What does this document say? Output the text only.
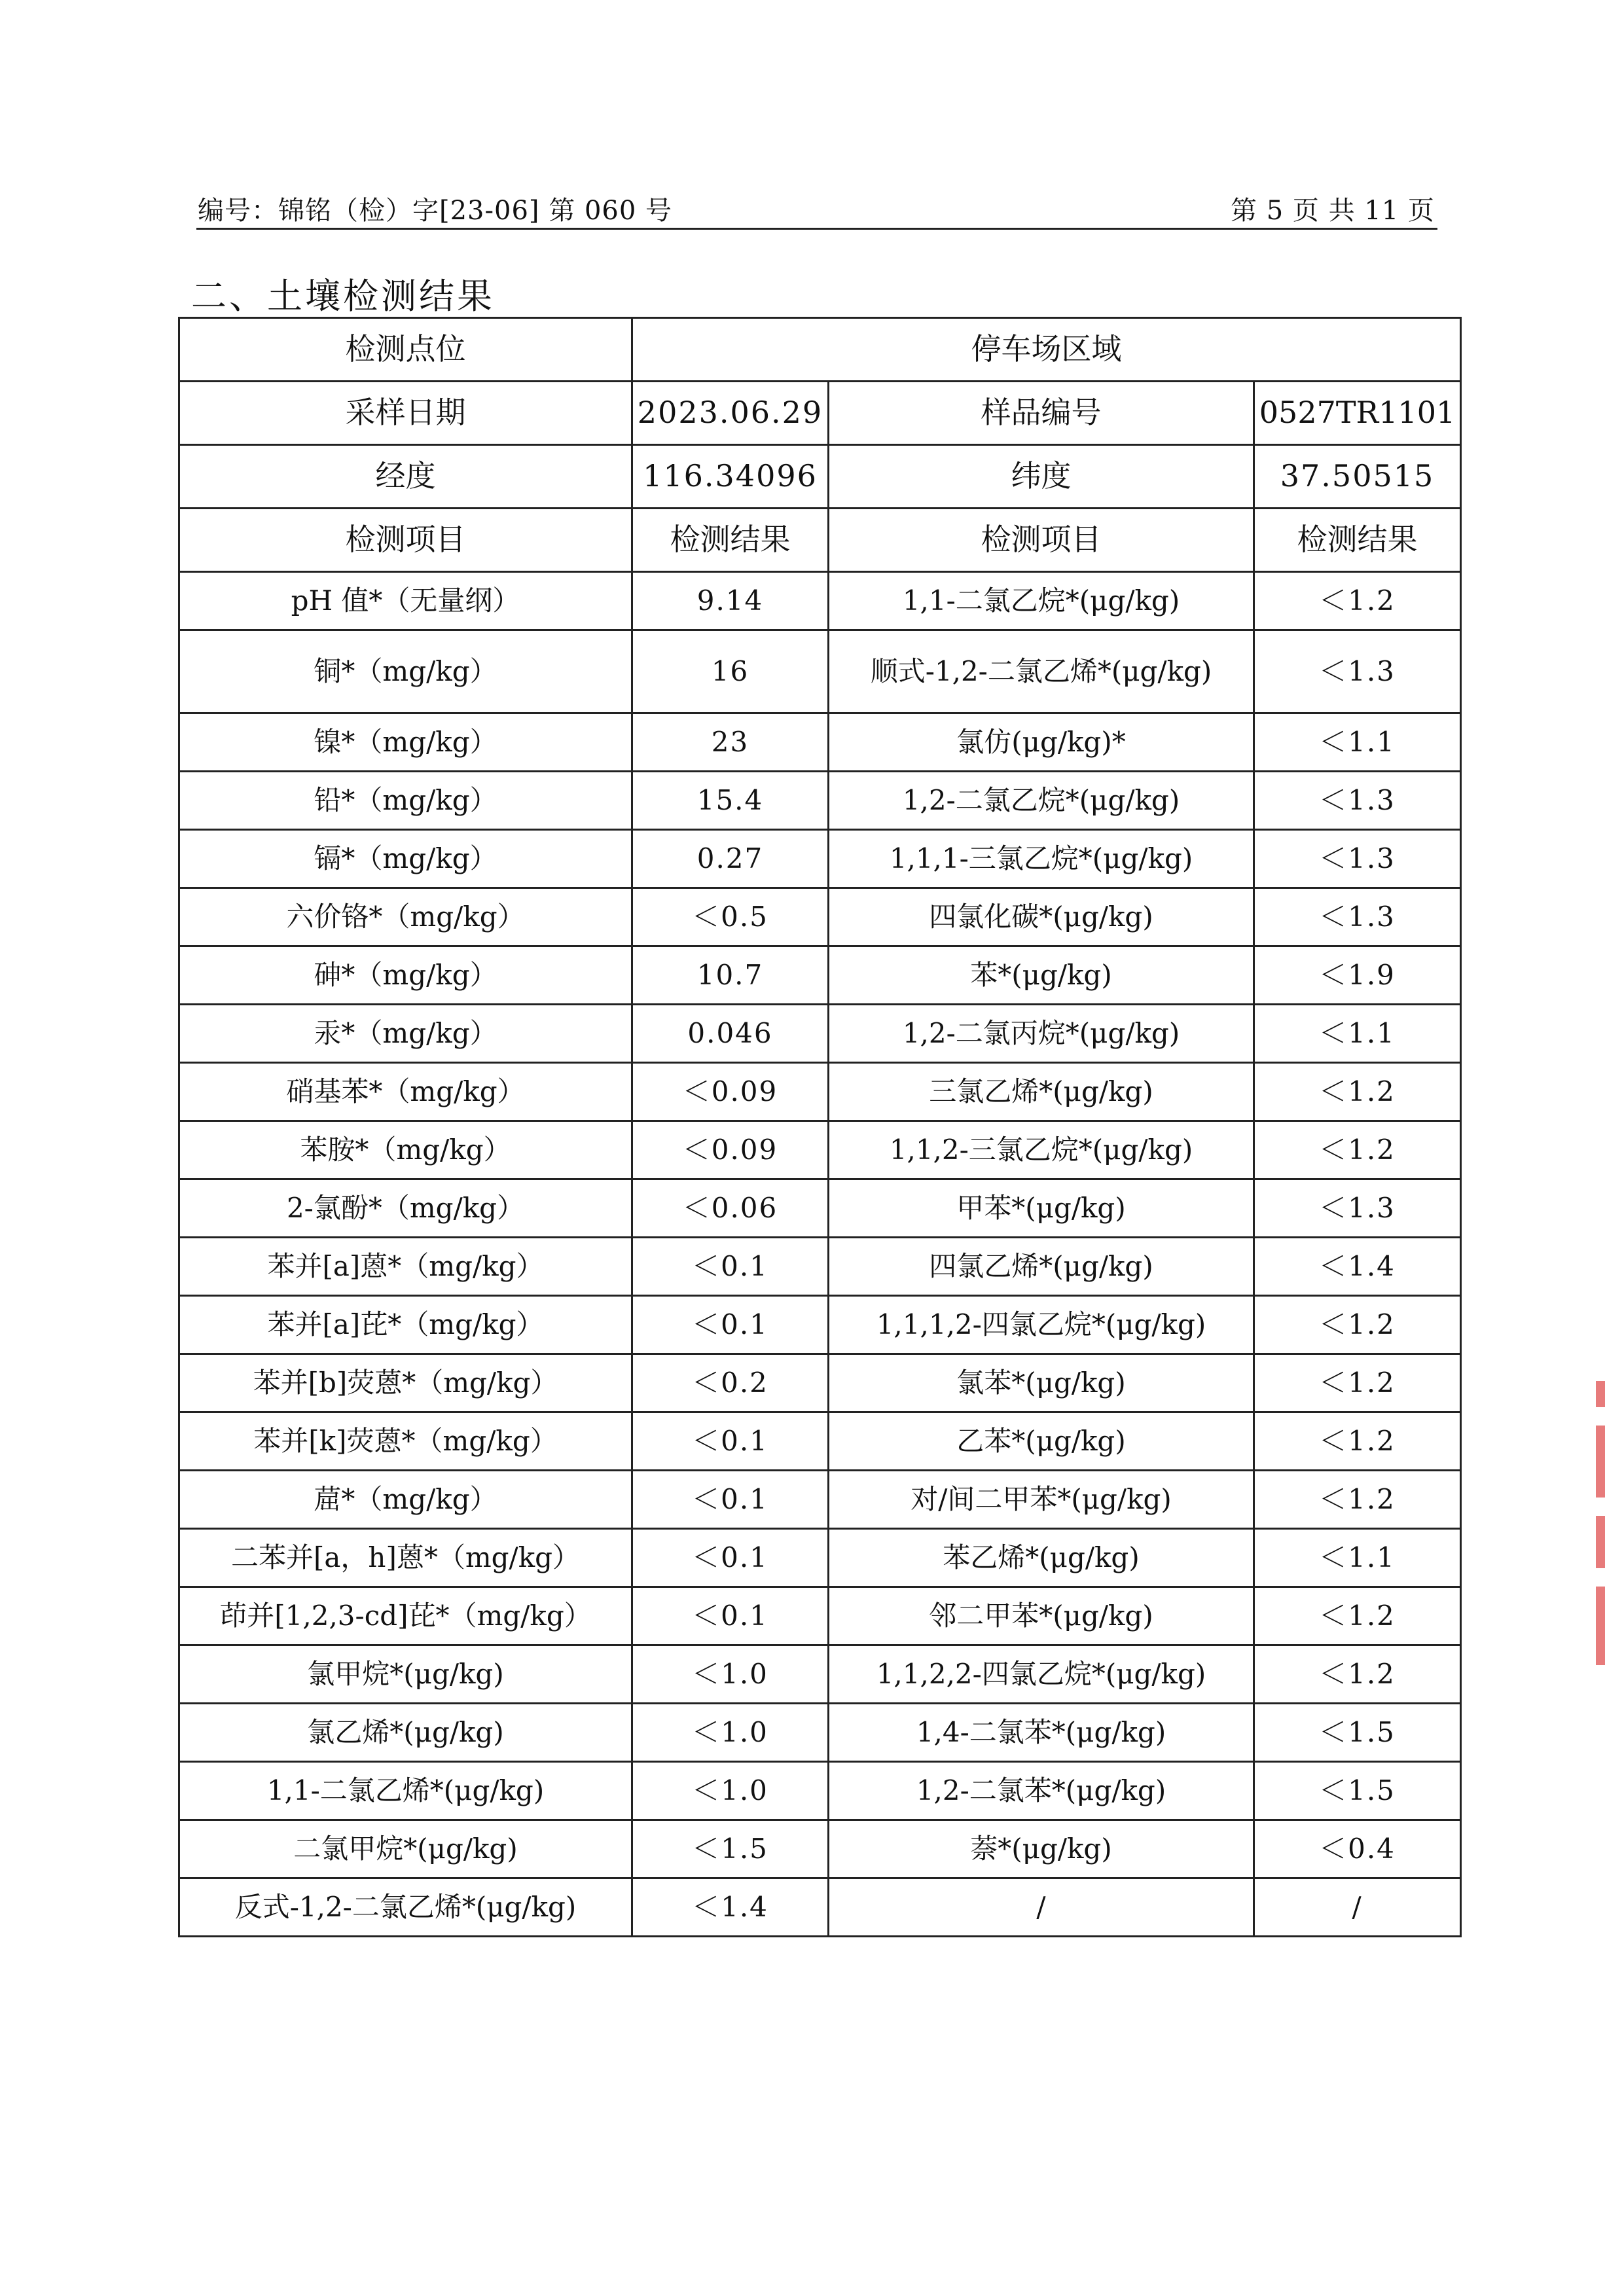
编号：锦铭（检）字[23-06] 第 060 号	第 5 页 共 11 页
二、土壤检测结果
检测点位	停车场区域		
采样日期	2023.06.29	样品编号	0527TR1101
经度	116.34096	纬度	37.50515
检测项目	检测结果	检测项目	检测结果
pH 值*（无量纲）	9.14	1,1-二氯乙烷*(μg/kg)	＜1.2
铜*（mg/kg）	16	顺式-1,2-二氯乙烯*(μg/kg)	＜1.3
镍*（mg/kg）	23	氯仿(μg/kg)*	＜1.1
铅*（mg/kg）	15.4	1,2-二氯乙烷*(μg/kg)	＜1.3
镉*（mg/kg）	0.27	1,1,1-三氯乙烷*(μg/kg)	＜1.3
六价铬*（mg/kg）	＜0.5	四氯化碳*(μg/kg)	＜1.3
砷*（mg/kg）	10.7	苯*(μg/kg)	＜1.9
汞*（mg/kg）	0.046	1,2-二氯丙烷*(μg/kg)	＜1.1
硝基苯*（mg/kg）	＜0.09	三氯乙烯*(μg/kg)	＜1.2
苯胺*（mg/kg）	＜0.09	1,1,2-三氯乙烷*(μg/kg)	＜1.2
2-氯酚*（mg/kg）	＜0.06	甲苯*(μg/kg)	＜1.3
苯并[a]蒽*（mg/kg）	＜0.1	四氯乙烯*(μg/kg)	＜1.4
苯并[a]芘*（mg/kg）	＜0.1	1,1,1,2-四氯乙烷*(μg/kg)	＜1.2
苯并[b]荧蒽*（mg/kg）	＜0.2	氯苯*(μg/kg)	＜1.2
苯并[k]荧蒽*（mg/kg）	＜0.1	乙苯*(μg/kg)	＜1.2
䓛*（mg/kg）	＜0.1	对/间二甲苯*(μg/kg)	＜1.2
二苯并[a，h]蒽*（mg/kg）	＜0.1	苯乙烯*(μg/kg)	＜1.1
茚并[1,2,3-cd]芘*（mg/kg）	＜0.1	邻二甲苯*(μg/kg)	＜1.2
氯甲烷*(μg/kg)	＜1.0	1,1,2,2-四氯乙烷*(μg/kg)	＜1.2
氯乙烯*(μg/kg)	＜1.0	1,4-二氯苯*(μg/kg)	＜1.5
1,1-二氯乙烯*(μg/kg)	＜1.0	1,2-二氯苯*(μg/kg)	＜1.5
二氯甲烷*(μg/kg)	＜1.5	萘*(μg/kg)	＜0.4
反式-1,2-二氯乙烯*(μg/kg)	＜1.4	/	/
